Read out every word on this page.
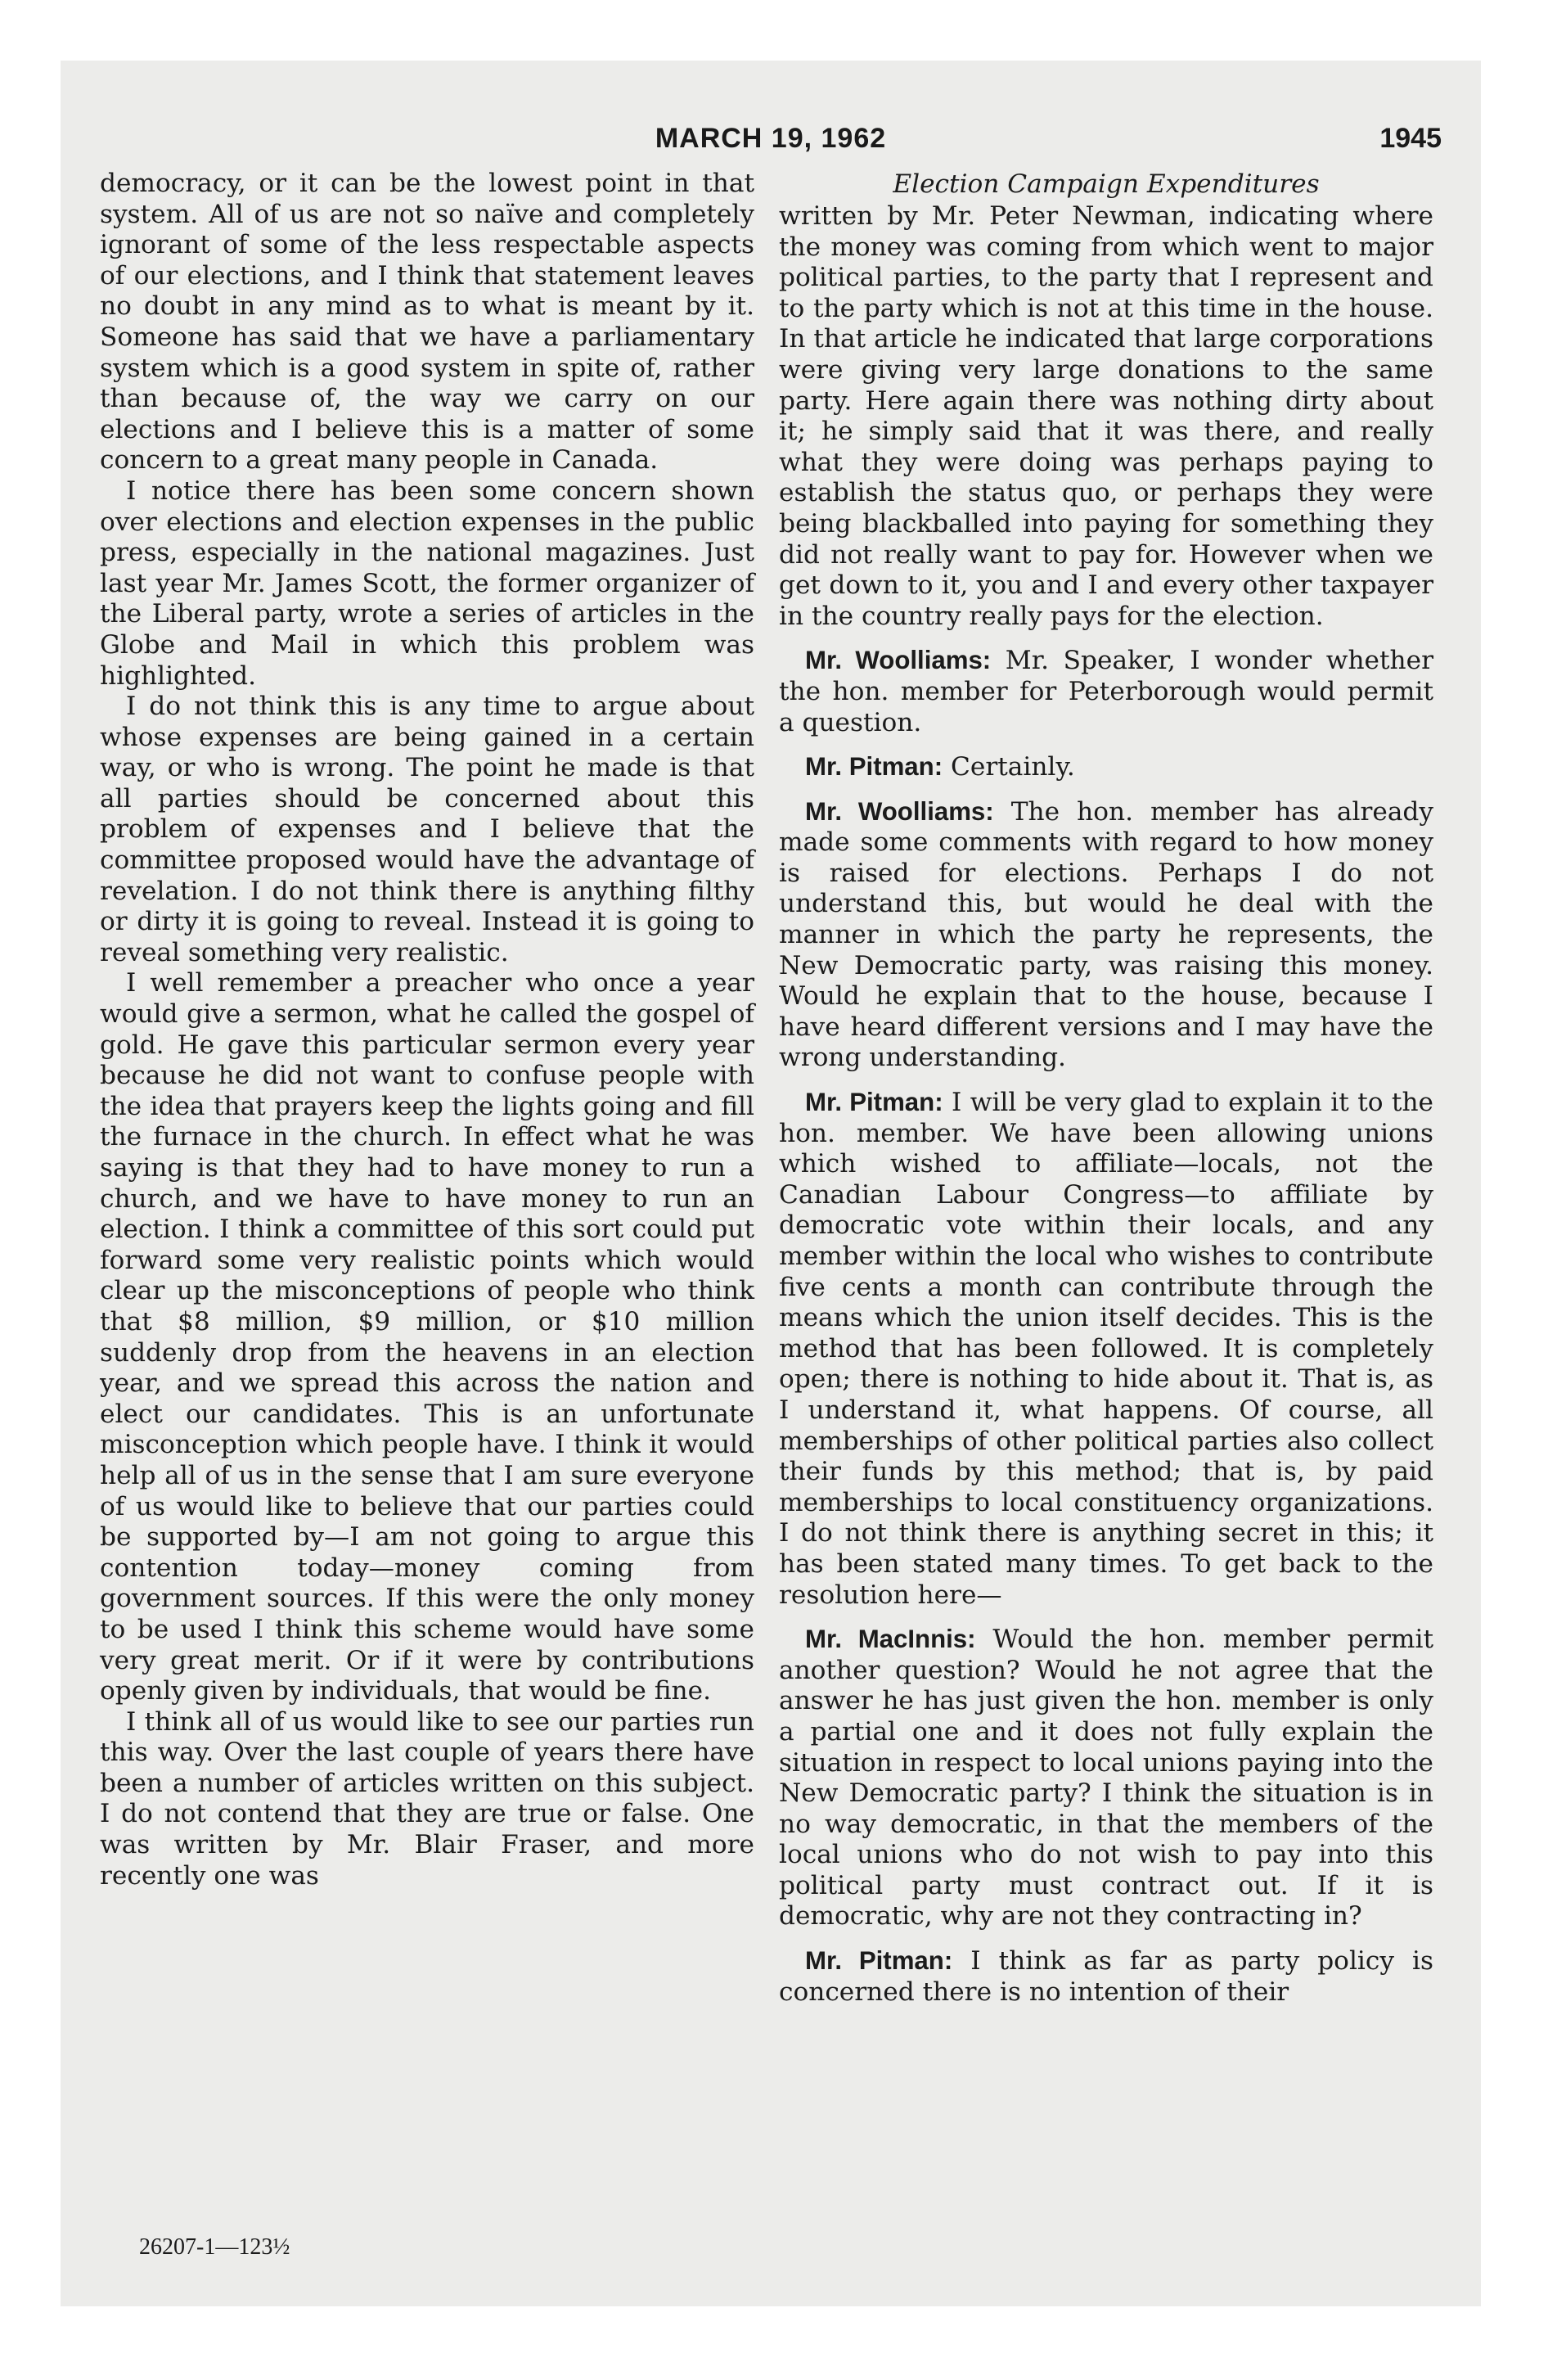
MARCH 19, 1962	1945

democracy, or it can be the lowest point in that system. All of us are not so naïve and completely ignorant of some of the less respectable aspects of our elections, and I think that statement leaves no doubt in any mind as to what is meant by it. Someone has said that we have a parliamentary system which is a good system in spite of, rather than because of, the way we carry on our elections and I believe this is a matter of some concern to a great many people in Canada.

I notice there has been some concern shown over elections and election expenses in the public press, especially in the national magazines. Just last year Mr. James Scott, the former organizer of the Liberal party, wrote a series of articles in the Globe and Mail in which this problem was highlighted.

I do not think this is any time to argue about whose expenses are being gained in a certain way, or who is wrong. The point he made is that all parties should be concerned about this problem of expenses and I believe that the committee proposed would have the advantage of revelation. I do not think there is anything filthy or dirty it is going to reveal. Instead it is going to reveal something very realistic.

I well remember a preacher who once a year would give a sermon, what he called the gospel of gold. He gave this particular sermon every year because he did not want to confuse people with the idea that prayers keep the lights going and fill the furnace in the church. In effect what he was saying is that they had to have money to run a church, and we have to have money to run an election. I think a committee of this sort could put forward some very realistic points which would clear up the misconceptions of people who think that $8 million, $9 million, or $10 million suddenly drop from the heavens in an election year, and we spread this across the nation and elect our candidates. This is an unfortunate misconception which people have. I think it would help all of us in the sense that I am sure everyone of us would like to believe that our parties could be supported by—I am not going to argue this contention today—money coming from government sources. If this were the only money to be used I think this scheme would have some very great merit. Or if it were by contributions openly given by individuals, that would be fine.

I think all of us would like to see our parties run this way. Over the last couple of years there have been a number of articles written on this subject. I do not contend that they are true or false. One was written by Mr. Blair Fraser, and more recently one was

Election Campaign Expenditures

written by Mr. Peter Newman, indicating where the money was coming from which went to major political parties, to the party that I represent and to the party which is not at this time in the house. In that article he indicated that large corporations were giving very large donations to the same party. Here again there was nothing dirty about it; he simply said that it was there, and really what they were doing was perhaps paying to establish the status quo, or perhaps they were being blackballed into paying for something they did not really want to pay for. However when we get down to it, you and I and every other taxpayer in the country really pays for the election.

Mr. Woolliams: Mr. Speaker, I wonder whether the hon. member for Peterborough would permit a question.

Mr. Pitman: Certainly.

Mr. Woolliams: The hon. member has already made some comments with regard to how money is raised for elections. Perhaps I do not understand this, but would he deal with the manner in which the party he represents, the New Democratic party, was raising this money. Would he explain that to the house, because I have heard different versions and I may have the wrong understanding.

Mr. Pitman: I will be very glad to explain it to the hon. member. We have been allowing unions which wished to affiliate—locals, not the Canadian Labour Congress—to affiliate by democratic vote within their locals, and any member within the local who wishes to contribute five cents a month can contribute through the means which the union itself decides. This is the method that has been followed. It is completely open; there is nothing to hide about it. That is, as I understand it, what happens. Of course, all memberships of other political parties also collect their funds by this method; that is, by paid memberships to local constituency organizations. I do not think there is anything secret in this; it has been stated many times. To get back to the resolution here—

Mr. MacInnis: Would the hon. member permit another question? Would he not agree that the answer he has just given the hon. member is only a partial one and it does not fully explain the situation in respect to local unions paying into the New Democratic party? I think the situation is in no way democratic, in that the members of the local unions who do not wish to pay into this political party must contract out. If it is democratic, why are not they contracting in?

Mr. Pitman: I think as far as party policy is concerned there is no intention of their

26207-1—123½
